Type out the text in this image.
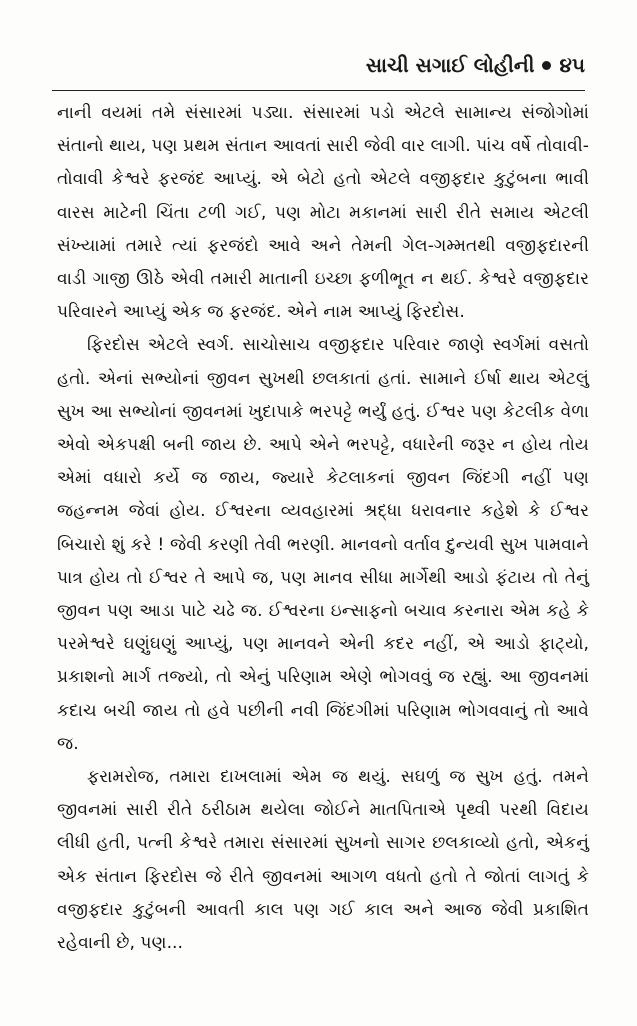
સાચી સગાઈ લોહીની ૪૫

નાની વયમાં તમે સંસારમાં પડ્યા. સંસારમાં પડો એટલે સામાન્ય સંજોગોમાં સંતાનો થાય, પણ પ્રથમ સંતાન આવતાં સારી જેવી વાર લાગી. પાંચ વર્ષે તોવાવી-તોવાવી કેશ્વરે ફરજંદ આપ્યું. એ બેટો હતો એટલે વજીફદાર કુટુંબના ભાવી વારસ માટેની ચિંતા ટળી ગઈ, પણ મોટા મકાનમાં સારી રીતે સમાય એટલી સંખ્યામાં તમારે ત્યાં ફરજંદો આવે અને તેમની ગેલ-ગમ્મતથી વજીફદારની વાડી ગાજી ઊઠે એવી તમારી માતાની ઇચ્છા ફળીભૂત ન થઈ. કેશ્વરે વજીફદાર પરિવારને આપ્યું એક જ ફરજંદ. એને નામ આપ્યું ફિરદોસ.

ફિરદોસ એટલે સ્વર્ગ. સાચોસાચ વજીફદાર પરિવાર જાણે સ્વર્ગમાં વસતો હતો. એનાં સભ્યોનાં જીવન સુખથી છલકાતાં હતાં. સામાને ઈર્ષા થાય એટલું સુખ આ સભ્યોનાં જીવનમાં ખુદાપાકે ભરપટ્ટે ભર્યું હતું. ઈશ્વર પણ કેટલીક વેળા એવો એકપક્ષી બની જાય છે. આપે એને ભરપટ્ટે, વધારેની જરૂર ન હોય તોય એમાં વધારો કર્યે જ જાય, જ્યારે કેટલાકનાં જીવન જિંદગી નહીં પણ જહન્નમ જેવાં હોય. ઈશ્વરના વ્યવહારમાં શ્રદ્ધા ધરાવનાર કહેશે કે ઈશ્વર બિચારો શું કરે ! જેવી કરણી તેવી ભરણી. માનવનો વર્તાવ દુન્યવી સુખ પામવાને પાત્ર હોય તો ઈશ્વર તે આપે જ, પણ માનવ સીધા માર્ગેથી આડો ફંટાય તો તેનું જીવન પણ આડા પાટે ચઢે જ. ઈશ્વરના ઇન્સાફનો બચાવ કરનારા એમ કહે કે પરમેશ્વરે ઘણુંઘણું આપ્યું, પણ માનવને એની કદર નહીં, એ આડો ફાટ્યો, પ્રકાશનો માર્ગ તજ્યો, તો એનું પરિણામ એણે ભોગવવું જ રહ્યું. આ જીવનમાં કદાચ બચી જાય તો હવે પછીની નવી જિંદગીમાં પરિણામ ભોગવવાનું તો આવે જ.

ફરામરોજ, તમારા દાખલામાં એમ જ થયું. સઘળું જ સુખ હતું. તમને જીવનમાં સારી રીતે ઠરીઠામ થયેલા જોઈને માતપિતાએ પૃથ્વી પરથી વિદાય લીધી હતી, પત્ની કેશ્વરે તમારા સંસારમાં સુખનો સાગર છલકાવ્યો હતો, એકનું એક સંતાન ફિરદોસ જે રીતે જીવનમાં આગળ વધતો હતો તે જોતાં લાગતું કે વજીફદાર કુટુંબની આવતી કાલ પણ ગઈ કાલ અને આજ જેવી પ્રકાશિત રહેવાની છે, પણ...
